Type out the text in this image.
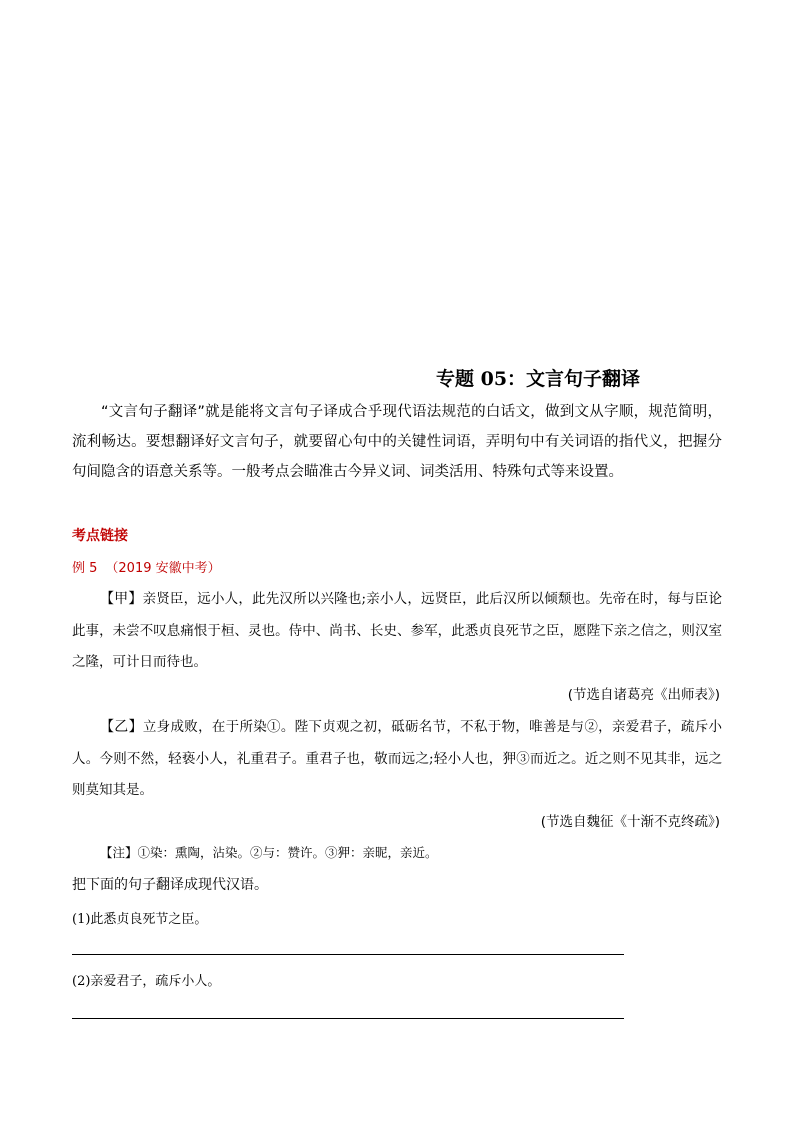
专题 05：文言句子翻译
“文言句子翻译”就是能将文言句子译成合乎现代语法规范的白话文，做到文从字顺，规范简明，流利畅达。要想翻译好文言句子，就要留心句中的关键性词语，弄明句中有关词语的指代义，把握分句间隐含的语意关系等。一般考点会瞄准古今异义词、词类活用、特殊句式等来设置。
考点链接
例 5 （2019 安徽中考）
【甲】亲贤臣，远小人，此先汉所以兴隆也;亲小人，远贤臣，此后汉所以倾颓也。先帝在时，每与臣论此事，未尝不叹息痛恨于桓、灵也。侍中、尚书、长史、参军，此悉贞良死节之臣，愿陛下亲之信之，则汉室之隆，可计日而待也。
(节选自诸葛亮《出师表》)
【乙】立身成败，在于所染①。陛下贞观之初，砥砺名节，不私于物，唯善是与②，亲爱君子，疏斥小人。今则不然，轻亵小人，礼重君子。重君子也，敬而远之;轻小人也，狎③而近之。近之则不见其非，远之则莫知其是。
(节选自魏征《十渐不克终疏》)
【注】①染：熏陶，沾染。②与：赞许。③狎：亲昵，亲近。
把下面的句子翻译成现代汉语。
(1)此悉贞良死节之臣。
(2)亲爱君子，疏斥小人。
